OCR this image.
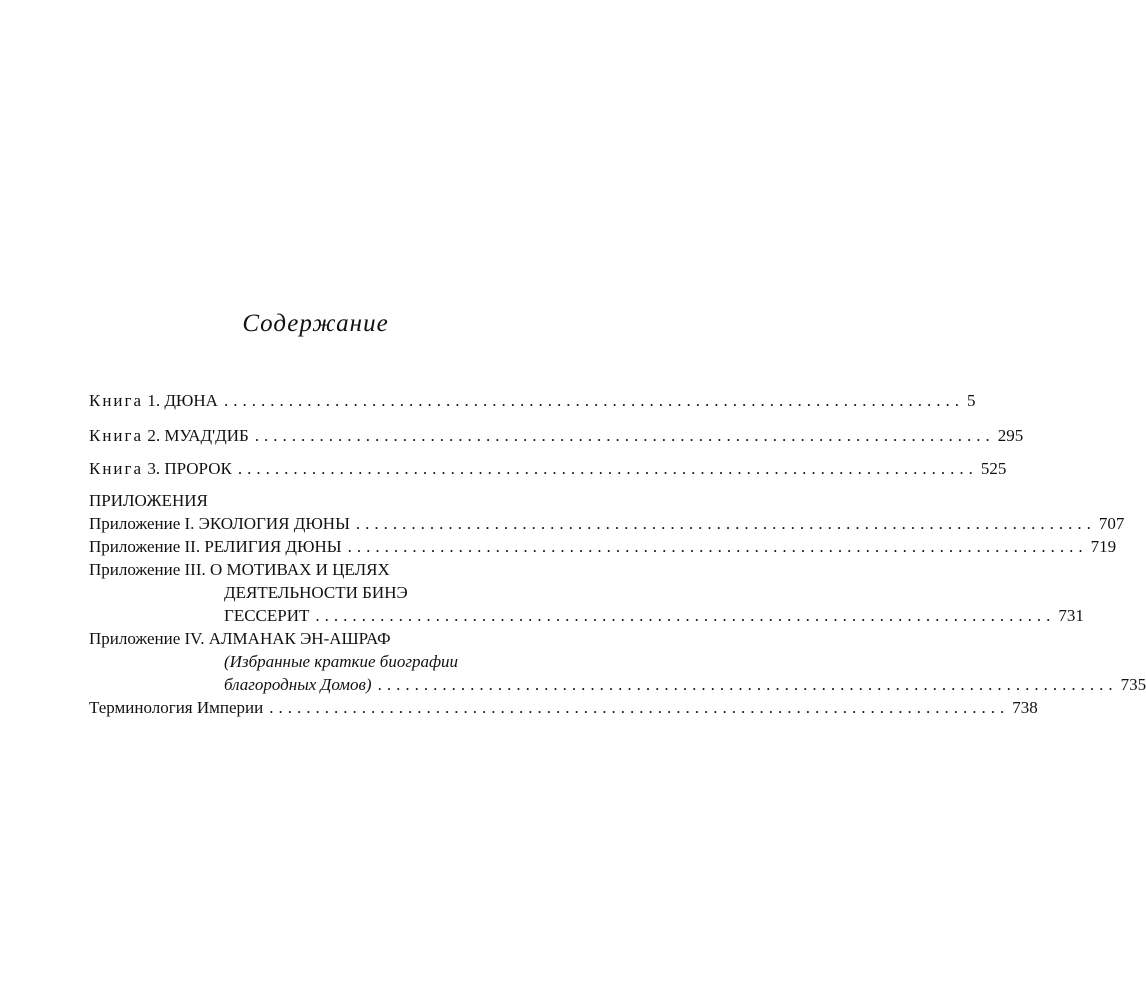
Содержание
Книга 1. ДЮНА ................................................................................ 5
Книга 2. МУАД'ДИБ ................................................................................ 295
Книга 3. ПРОРОК ................................................................................ 525
ПРИЛОЖЕНИЯ
Приложение I. ЭКОЛОГИЯ ДЮНЫ ................................................................................ 707
Приложение II. РЕЛИГИЯ ДЮНЫ ................................................................................ 719
Приложение III. О МОТИВАХ И ЦЕЛЯХ
ДЕЯТЕЛЬНОСТИ БИНЭ
ГЕССЕРИТ ................................................................................ 731
Приложение IV. АЛМАНАК ЭН-АШРАФ
(Избранные краткие биографии
благородных Домов) ................................................................................ 735
Терминология Империи ................................................................................ 738
